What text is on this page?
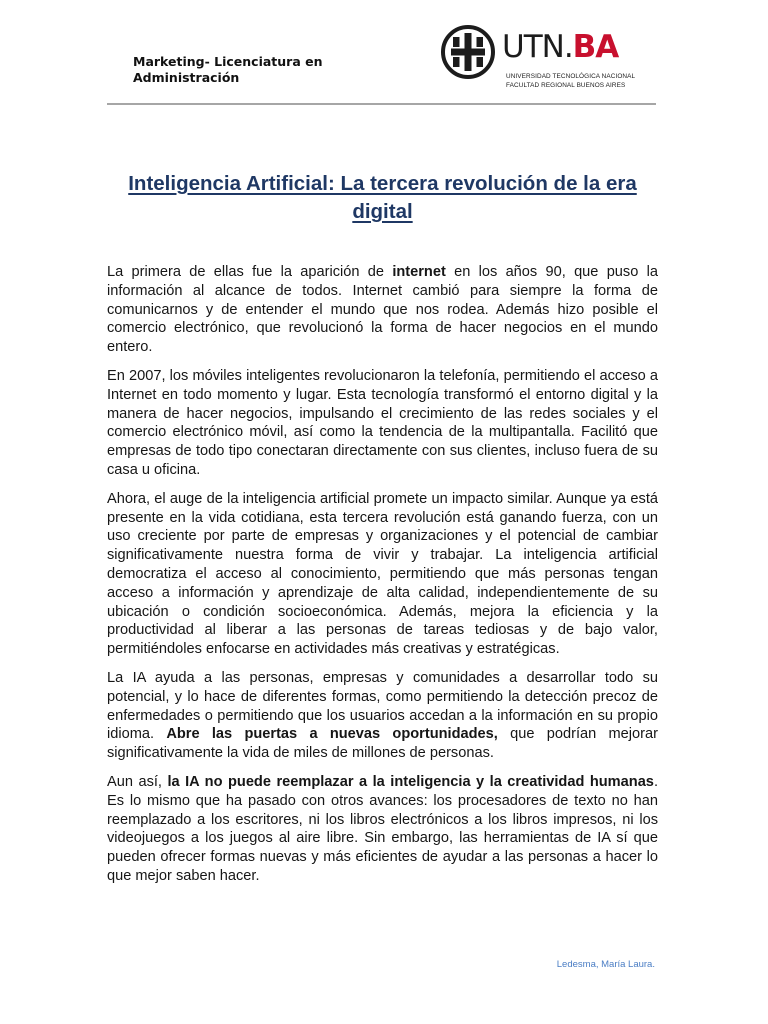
Marketing- Licenciatura en Administración
UTN.BA
UNIVERSIDAD TECNOLÓGICA NACIONAL
FACULTAD REGIONAL BUENOS AIRES
Inteligencia Artificial: La tercera revolución de la era digital

La primera de ellas fue la aparición de internet en los años 90, que puso la información al alcance de todos. Internet cambió para siempre la forma de comunicarnos y de entender el mundo que nos rodea. Además hizo posible el comercio electrónico, que revolucionó la forma de hacer negocios en el mundo entero.

En 2007, los móviles inteligentes revolucionaron la telefonía, permitiendo el acceso a Internet en todo momento y lugar. Esta tecnología transformó el entorno digital y la manera de hacer negocios, impulsando el crecimiento de las redes sociales y el comercio electrónico móvil, así como la tendencia de la multipantalla. Facilitó que empresas de todo tipo conectaran directamente con sus clientes, incluso fuera de su casa u oficina.

Ahora, el auge de la inteligencia artificial promete un impacto similar. Aunque ya está presente en la vida cotidiana, esta tercera revolución está ganando fuerza, con un uso creciente por parte de empresas y organizaciones y el potencial de cambiar significativamente nuestra forma de vivir y trabajar. La inteligencia artificial democratiza el acceso al conocimiento, permitiendo que más personas tengan acceso a información y aprendizaje de alta calidad, independientemente de su ubicación o condición socioeconómica. Además, mejora la eficiencia y la productividad al liberar a las personas de tareas tediosas y de bajo valor, permitiéndoles enfocarse en actividades más creativas y estratégicas.

La IA ayuda a las personas, empresas y comunidades a desarrollar todo su potencial, y lo hace de diferentes formas, como permitiendo la detección precoz de enfermedades o permitiendo que los usuarios accedan a la información en su propio idioma. Abre las puertas a nuevas oportunidades, que podrían mejorar significativamente la vida de miles de millones de personas.

Aun así, la IA no puede reemplazar a la inteligencia y la creatividad humanas. Es lo mismo que ha pasado con otros avances: los procesadores de texto no han reemplazado a los escritores, ni los libros electrónicos a los libros impresos, ni los videojuegos a los juegos al aire libre. Sin embargo, las herramientas de IA sí que pueden ofrecer formas nuevas y más eficientes de ayudar a las personas a hacer lo que mejor saben hacer.

Ledesma, María Laura.
